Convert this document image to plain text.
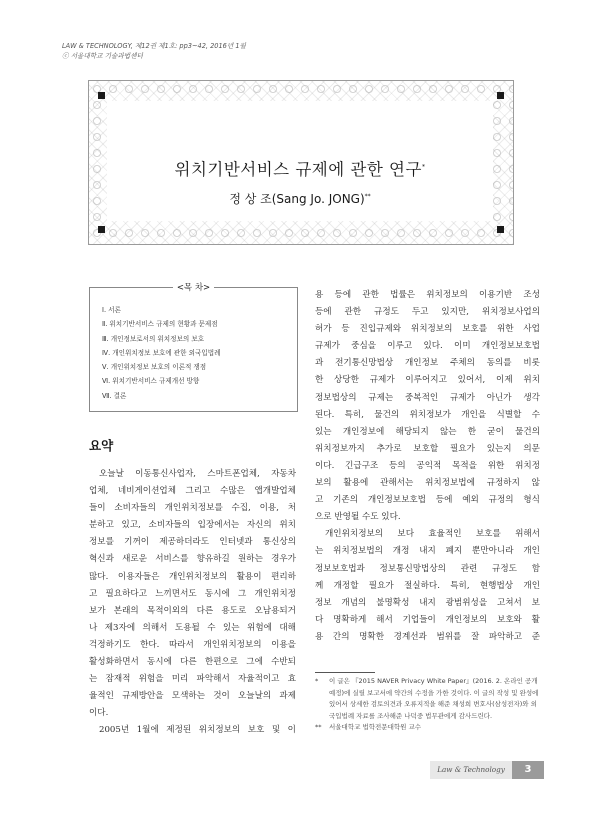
LAW & TECHNOLOGY, 제12권 제1호: pp3~42, 2016년 1월
ⓒ 서울대학교 기술과법센터
위치기반서비스 규제에 관한 연구*
정 상 조(Sang Jo. JONG)**
<목 차>
Ⅰ. 서론
Ⅱ. 위치기반서비스 규제의 현황과 문제점
Ⅲ. 개인정보로서의 위치정보의 보호
Ⅳ. 개인위치정보 보호에 관한 외국입법례
Ⅴ. 개인위치정보 보호의 이론적 쟁점
Ⅵ. 위치기반서비스 규제개선 방향
Ⅶ. 결론
요약
오늘날 이동통신사업자, 스마트폰업체, 자동차
업체, 네비게이션업체 그리고 수많은 앱개발업체
들이 소비자들의 개인위치정보를 수집, 이용, 처
분하고 있고, 소비자들의 입장에서는 자신의 위치
정보를 기꺼이 제공하더라도 인터넷과 통신상의
혁신과 새로운 서비스를 향유하길 원하는 경우가
많다. 이용자들은 개인위치정보의 활용이 편리하
고 필요하다고 느끼면서도 동시에 그 개인위치정
보가 본래의 목적이외의 다른 용도로 오남용되거
나 제3자에 의해서 도용될 수 있는 위험에 대해
걱정하기도 한다. 따라서 개인위치정보의 이용을
활성화하면서 동시에 다른 한편으로 그에 수반되
는 잠재적 위험을 미리 파악해서 자율적이고 효
율적인 규제방안을 모색하는 것이 오늘날의 과제
이다.
2005년 1월에 제정된 위치정보의 보호 및 이
용 등에 관한 법률은 위치정보의 이용기반 조성
등에 관한 규정도 두고 있지만, 위치정보사업의
허가 등 진입규제와 위치정보의 보호를 위한 사업
규제가 중심을 이루고 있다. 이미 개인정보보호법
과 전기통신망법상 개인정보 주체의 동의를 비롯
한 상당한 규제가 이루어지고 있어서, 이제 위치
정보법상의 규제는 중복적인 규제가 아닌가 생각
된다. 특히, 물건의 위치정보가 개인을 식별할 수
있는 개인정보에 해당되지 않는 한 굳이 물건의
위치정보까지 추가로 보호할 필요가 있는지 의문
이다. 긴급구조 등의 공익적 목적을 위한 위치정
보의 활용에 관해서는 위치정보법에 규정하지 않
고 기존의 개인정보보호법 등에 예외 규정의 형식
으로 반영될 수도 있다.
개인위치정보의 보다 효율적인 보호를 위해서
는 위치정보법의 개정 내지 폐지 뿐만아니라 개인
정보보호법과 정보통신망법상의 관련 규정도 함
께 개정할 필요가 절실하다. 특히, 현행법상 개인
정보 개념의 불명확성 내지 광범위성을 고쳐서 보
다 명확하게 해서 기업들이 개인정보의 보호와 활
용 간의 명확한 경계선과 범위를 잘 파악하고 준
* 이 글은 『2015 NAVER Privacy White Paper』(2016. 2. 온라인 공개 예정)에 실릴 보고서에 약간의 수정을 가한 것이다. 이 글의 작성 및 완성에 있어서 상세한 검토의견과 오류지적을 해준 채성희 변호사(삼성전자)와 외국입법례 자료를 조사해준 나덕중 법무관에게 감사드린다.
** 서울대학교 법학전문대학원 교수
Law & Technology	3
